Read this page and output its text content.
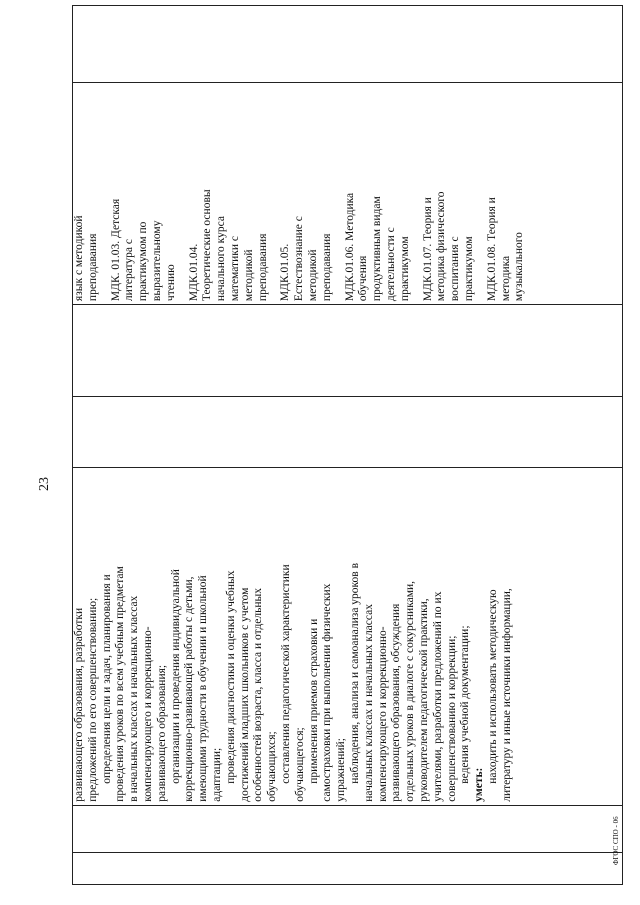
23

развивающего образования, разработки предложений по его совершенствованию; определения цели и задач, планирования и проведения уроков по всем учебным предметам в начальных классах и начальных классах компенсирующего и коррекционно- развивающего образования; организации и проведения индивидуальной коррекционно-развивающей работы с детьми, имеющими трудности в обучении и школьной адаптации; проведения диагностики и оценки учебных достижений младших школьников с учетом особенностей возраста, класса и отдельных обучающихся; составления педагогической характеристики обучающегося; применения приемов страховки и самостраховки при выполнении физических упражнений; наблюдения, анализа и самоанализа уроков в начальных классах и начальных классах компенсирующего и коррекционно- развивающего образования, обсуждения отдельных уроков в диалоге с сокурсниками, руководителем педагогической практики, учителями, разработки предложений по их совершенствованию и коррекции; ведения учебной документации;
уметь:
находить и использовать методическую литературу и иные источники информации,

язык с методикой преподавания МДК. 01.03. Детская литература с практикумом по выразительному чтению МДК.01.04. Теоретические основы начального курса математики с методикой преподавания МДК.01.05. Естествознание с методикой преподавания МДК.01.06. Методика обучения продуктивным видам деятельности с практикумом МДК.01.07. Теория и методика физического воспитания с практикумом МДК.01.08. Теория и методика музыкального

ФГОС СПО - 06
